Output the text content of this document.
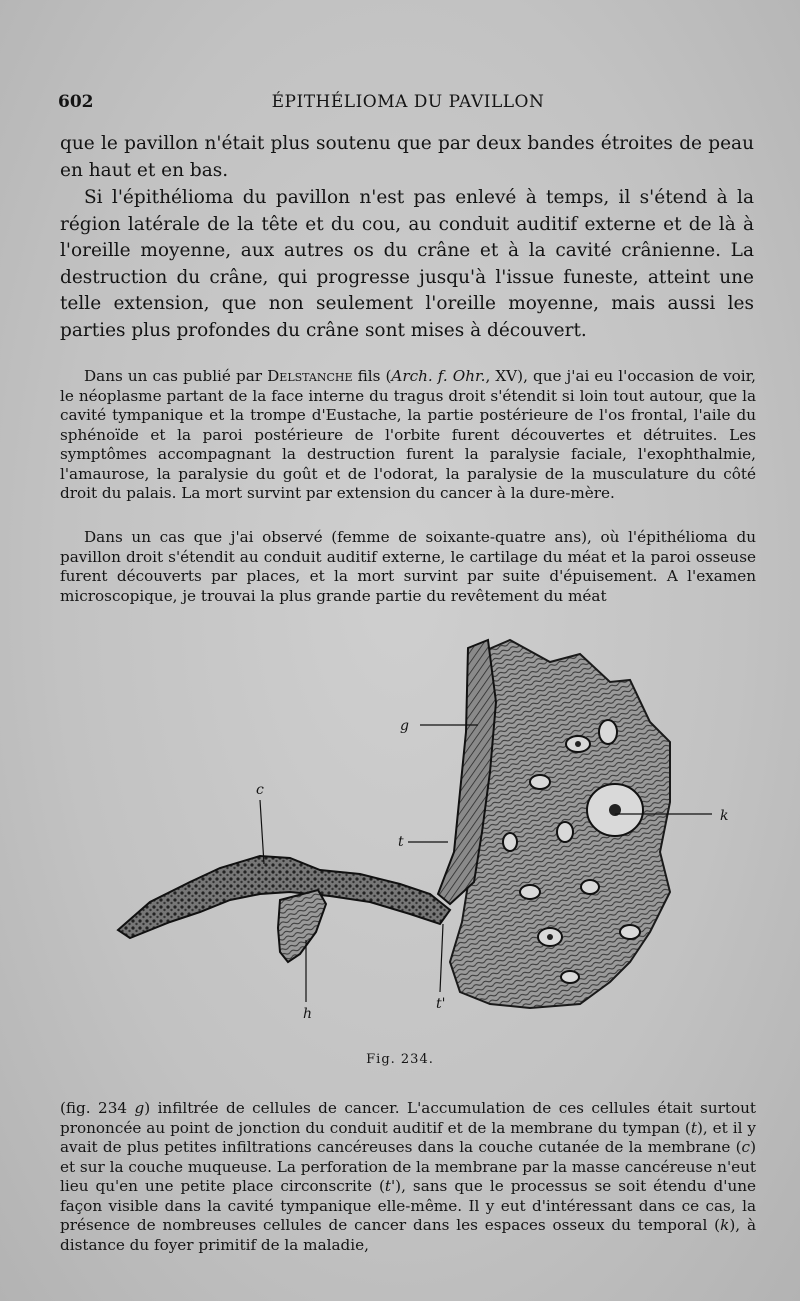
602	ÉPITHÉLIOMA DU PAVILLON

que le pavillon n'était plus soutenu que par deux bandes étroites de peau en haut et en bas.

Si l'épithélioma du pavillon n'est pas enlevé à temps, il s'étend à la région latérale de la tête et du cou, au conduit auditif externe et de là à l'oreille moyenne, aux autres os du crâne et à la cavité crânienne. La destruction du crâne, qui progresse jusqu'à l'issue funeste, atteint une telle extension, que non seulement l'oreille moyenne, mais aussi les parties plus profondes du crâne sont mises à découvert.

Dans un cas publié par Delstanche fils (Arch. f. Ohr., XV), que j'ai eu l'occasion de voir, le néoplasme partant de la face interne du tragus droit s'étendit si loin tout autour, que la cavité tympanique et la trompe d'Eustache, la partie postérieure de l'os frontal, l'aile du sphénoïde et la paroi postérieure de l'orbite furent découvertes et détruites. Les symptômes accompagnant la destruction furent la paralysie faciale, l'exophthalmie, l'amaurose, la paralysie du goût et de l'odorat, la paralysie de la musculature du côté droit du palais. La mort survint par extension du cancer à la dure-mère.

Dans un cas que j'ai observé (femme de soixante-quatre ans), où l'épithélioma du pavillon droit s'étendit au conduit auditif externe, le cartilage du méat et la paroi osseuse furent découverts par places, et la mort survint par suite d'épuisement. A l'examen microscopique, je trouvai la plus grande partie du revêtement du méat

g
c
t
k
h
t'
Fig. 234.

(fig. 234 g) infiltrée de cellules de cancer. L'accumulation de ces cellules était surtout prononcée au point de jonction du conduit auditif et de la membrane du tympan (t), et il y avait de plus petites infiltrations cancéreuses dans la couche cutanée de la membrane (c) et sur la couche muqueuse. La perforation de la membrane par la masse cancéreuse n'eut lieu qu'en une petite place circonscrite (t'), sans que le processus se soit étendu d'une façon visible dans la cavité tympanique elle-même. Il y eut d'intéressant dans ce cas, la présence de nombreuses cellules de cancer dans les espaces osseux du temporal (k), à distance du foyer primitif de la maladie,
